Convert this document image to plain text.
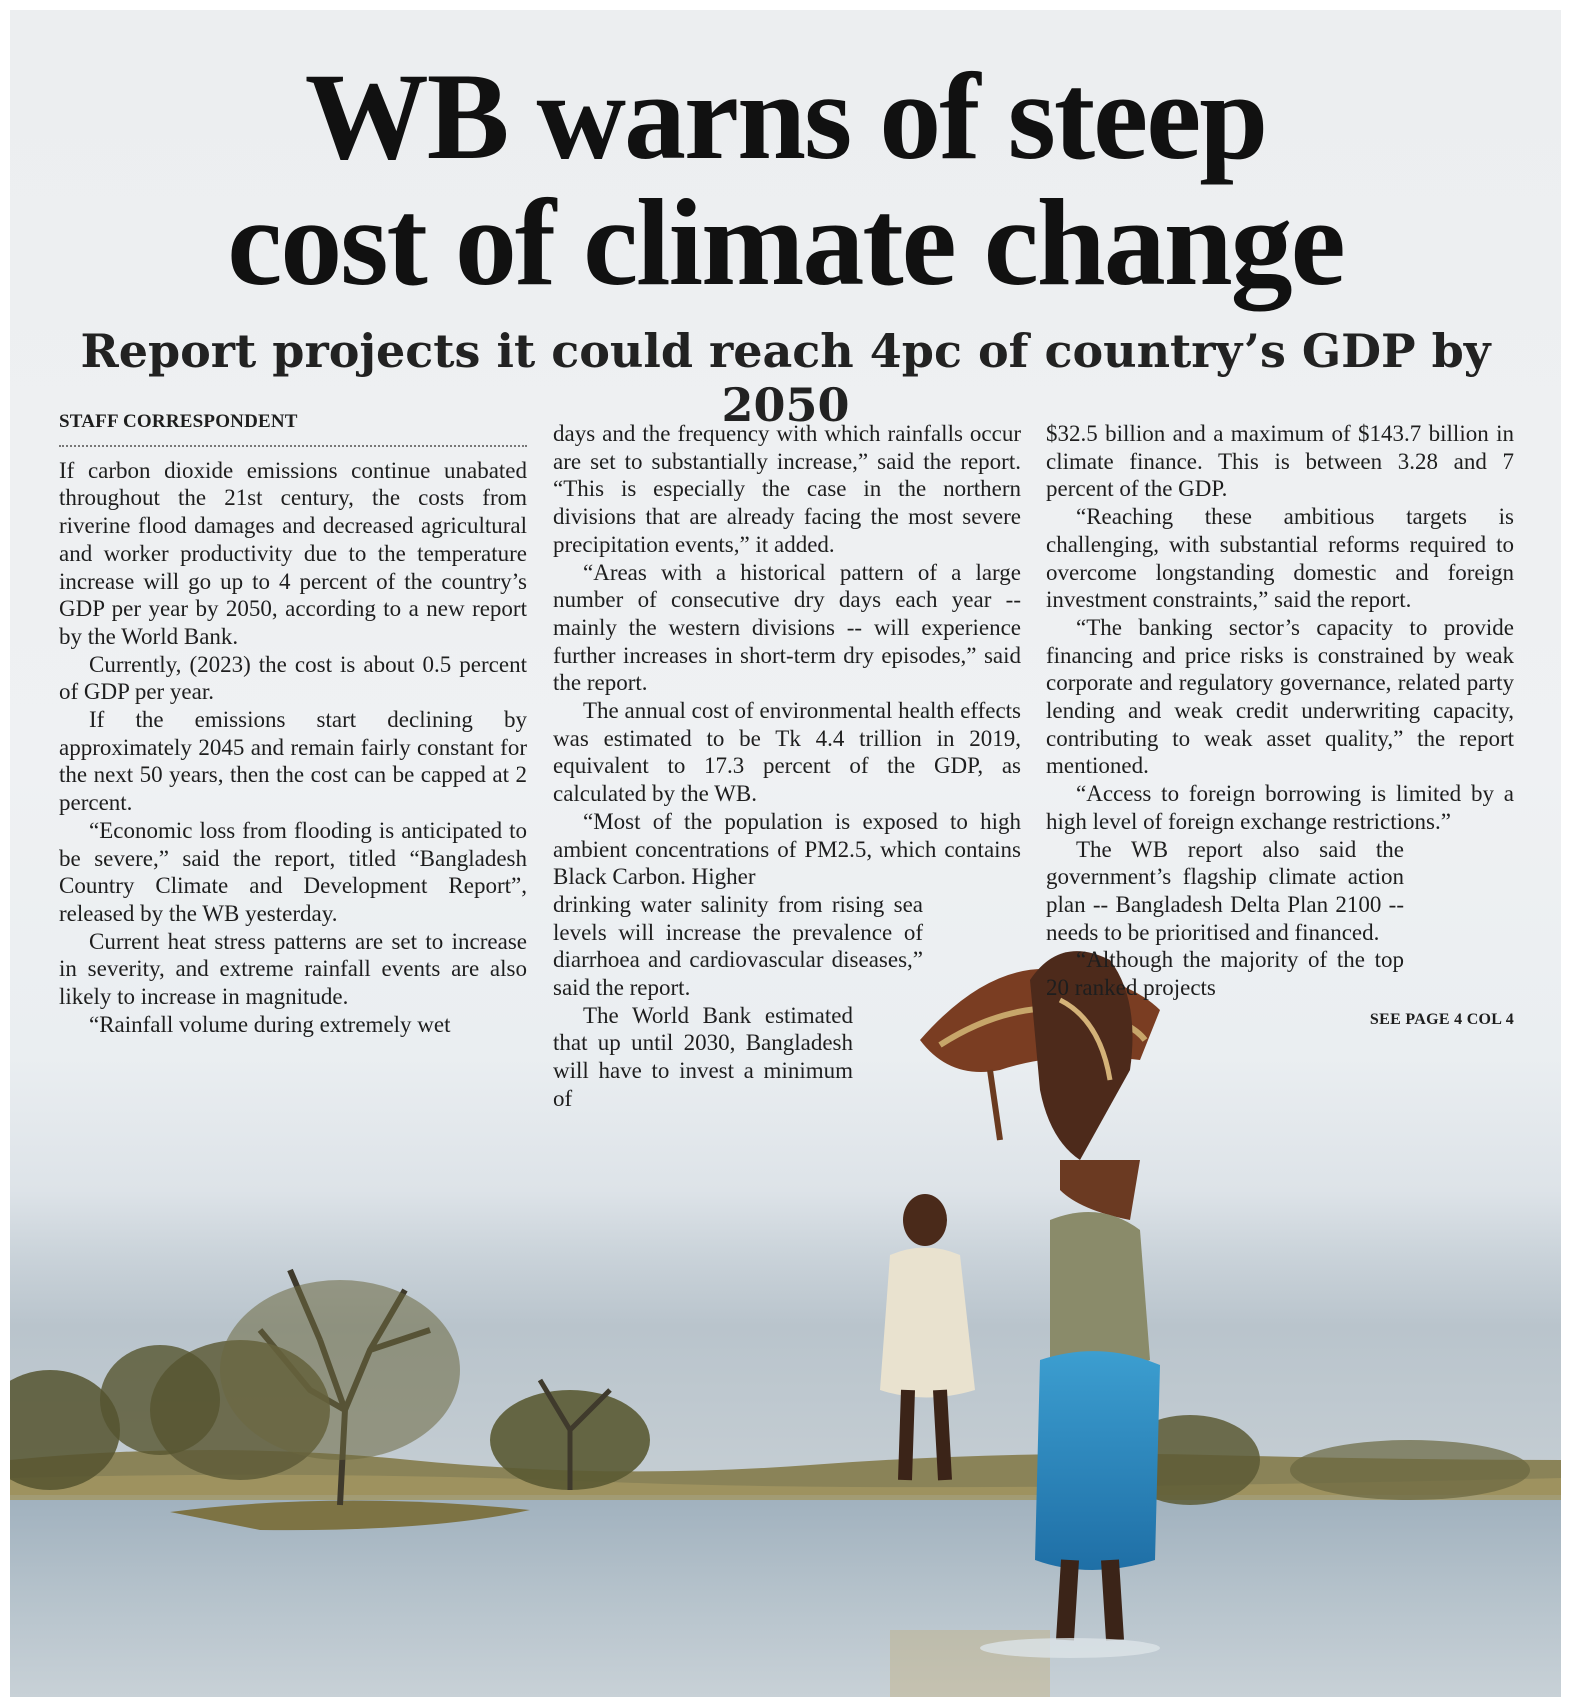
WB warns of steep
cost of climate change
Report projects it could reach 4pc of country’s GDP by 2050
STAFF CORRESPONDENT

If carbon dioxide emissions continue unabated throughout the 21st century, the costs from riverine flood damages and decreased agricultural and worker productivity due to the temperature increase will go up to 4 percent of the country’s GDP per year by 2050, according to a new report by the World Bank.

Currently, (2023) the cost is about 0.5 percent of GDP per year.

If the emissions start declining by approximately 2045 and remain fairly constant for the next 50 years, then the cost can be capped at 2 percent.

“Economic loss from flooding is anticipated to be severe,” said the report, titled “Bangladesh Country Climate and Development Report”, released by the WB yesterday.

Current heat stress patterns are set to increase in severity, and extreme rainfall events are also likely to increase in magnitude.

“Rainfall volume during extremely wet

days and the frequency with which rainfalls occur are set to substantially increase,” said the report. “This is especially the case in the northern divisions that are already facing the most severe precipitation events,” it added.

“Areas with a historical pattern of a large number of consecutive dry days each year -- mainly the western divisions -- will experience further increases in short-term dry episodes,” said the report.

The annual cost of environmental health effects was estimated to be Tk 4.4 trillion in 2019, equivalent to 17.3 percent of the GDP, as calculated by the WB.

“Most of the population is exposed to high ambient concentrations of PM2.5, which contains Black Carbon. Higher

drinking water salinity from rising sea levels will increase the prevalence of diarrhoea and cardiovascular diseases,” said the report.

The World Bank estimated that up until 2030, Bangladesh will have to invest a minimum of

$32.5 billion and a maximum of $143.7 billion in climate finance. This is between 3.28 and 7 percent of the GDP.

“Reaching these ambitious targets is challenging, with substantial reforms required to overcome longstanding domestic and foreign investment constraints,” said the report.

“The banking sector’s capacity to provide financing and price risks is constrained by weak corporate and regulatory governance, related party lending and weak credit underwriting capacity, contributing to weak asset quality,” the report mentioned.

“Access to foreign borrowing is limited by a high level of foreign exchange restrictions.”

The WB report also said the government’s flagship climate action plan -- Bangladesh Delta Plan 2100 -- needs to be prioritised and financed.

“Although the majority of the top 20 ranked projects

SEE PAGE 4 COL 4
